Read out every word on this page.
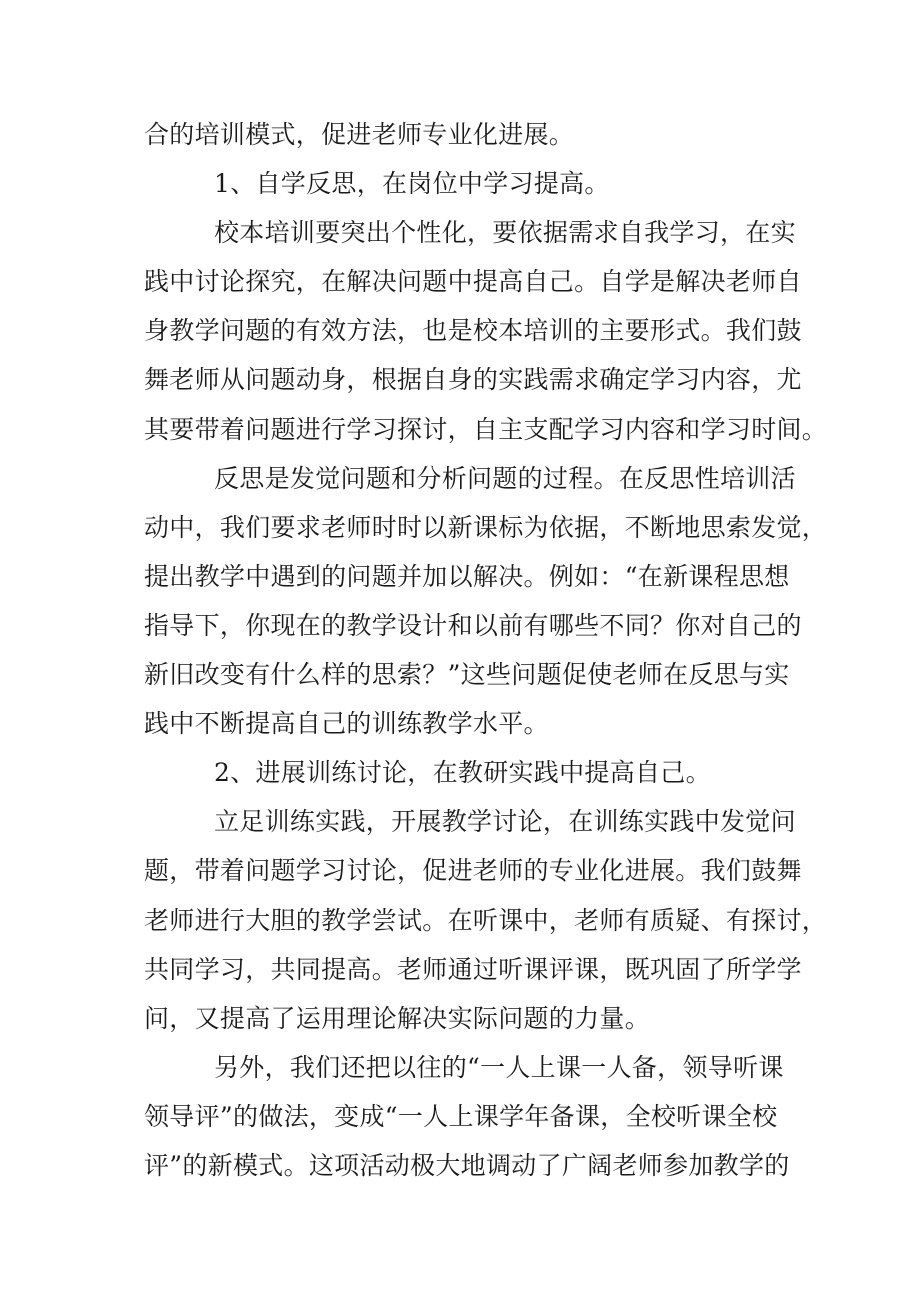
合的培训模式，促进老师专业化进展。
1、自学反思，在岗位中学习提高。
校本培训要突出个性化，要依据需求自我学习，在实
践中讨论探究，在解决问题中提高自己。自学是解决老师自
身教学问题的有效方法，也是校本培训的主要形式。我们鼓
舞老师从问题动身，根据自身的实践需求确定学习内容，尤
其要带着问题进行学习探讨，自主支配学习内容和学习时间。
反思是发觉问题和分析问题的过程。在反思性培训活
动中，我们要求老师时时以新课标为依据，不断地思索发觉，
提出教学中遇到的问题并加以解决。例如：“在新课程思想
指导下，你现在的教学设计和以前有哪些不同？你对自己的
新旧改变有什么样的思索？”这些问题促使老师在反思与实
践中不断提高自己的训练教学水平。
2、进展训练讨论，在教研实践中提高自己。
立足训练实践，开展教学讨论，在训练实践中发觉问
题，带着问题学习讨论，促进老师的专业化进展。我们鼓舞
老师进行大胆的教学尝试。在听课中，老师有质疑、有探讨，
共同学习，共同提高。老师通过听课评课，既巩固了所学学
问，又提高了运用理论解决实际问题的力量。
另外，我们还把以往的“一人上课一人备，领导听课
领导评”的做法，变成“一人上课学年备课，全校听课全校
评”的新模式。这项活动极大地调动了广阔老师参加教学的
